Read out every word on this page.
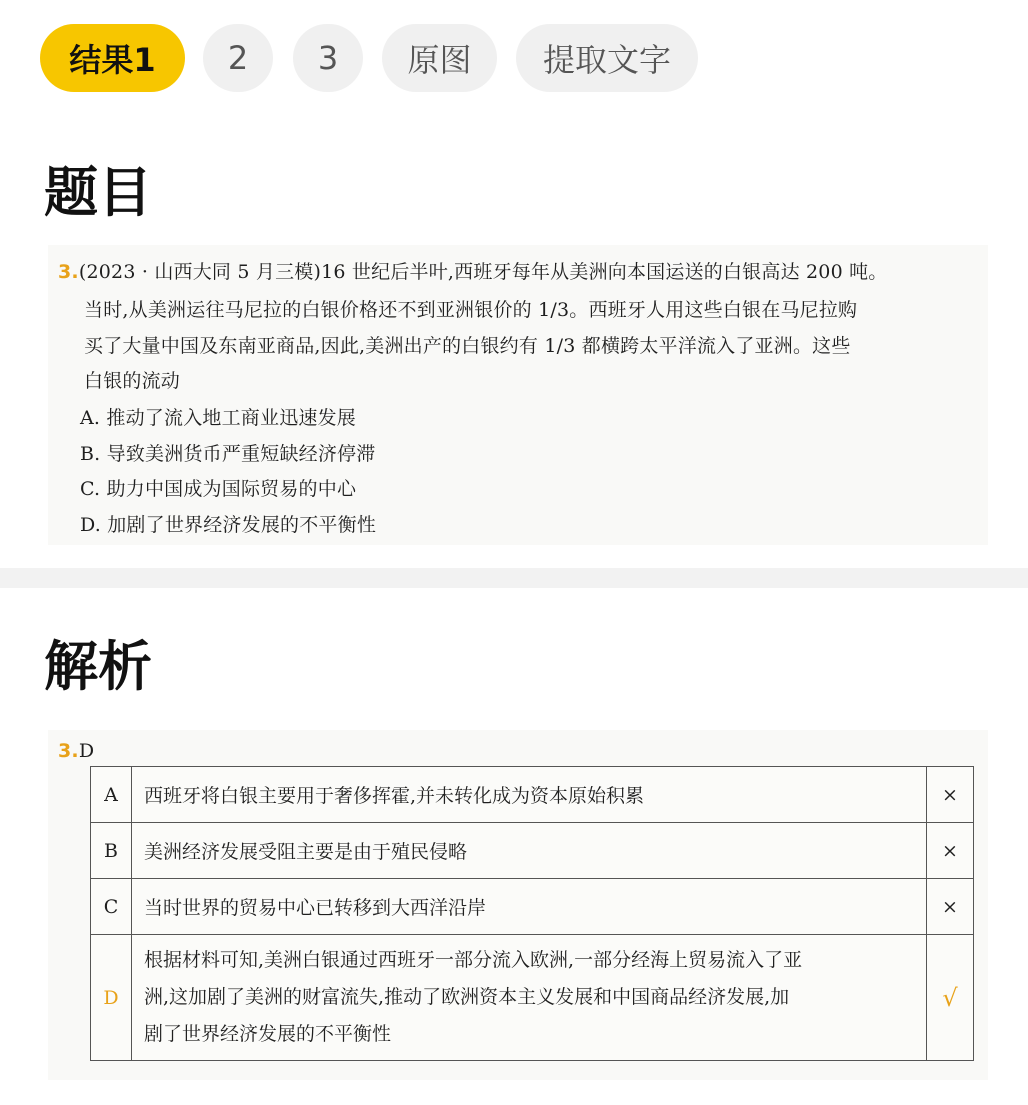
结果1	2	3	原图	提取文字
题目
3.(2023 · 山西大同 5 月三模)16 世纪后半叶,西班牙每年从美洲向本国运送的白银高达 200 吨。
当时,从美洲运往马尼拉的白银价格还不到亚洲银价的 1/3。西班牙人用这些白银在马尼拉购
买了大量中国及东南亚商品,因此,美洲出产的白银约有 1/3 都横跨太平洋流入了亚洲。这些
白银的流动
A. 推动了流入地工商业迅速发展
B. 导致美洲货币严重短缺经济停滞
C. 助力中国成为国际贸易的中心
D. 加剧了世界经济发展的不平衡性
解析
3.D
A	西班牙将白银主要用于奢侈挥霍,并未转化成为资本原始积累	×
B	美洲经济发展受阻主要是由于殖民侵略	×
C	当时世界的贸易中心已转移到大西洋沿岸	×
D	根据材料可知,美洲白银通过西班牙一部分流入欧洲,一部分经海上贸易流入了亚
洲,这加剧了美洲的财富流失,推动了欧洲资本主义发展和中国商品经济发展,加
剧了世界经济发展的不平衡性	√
